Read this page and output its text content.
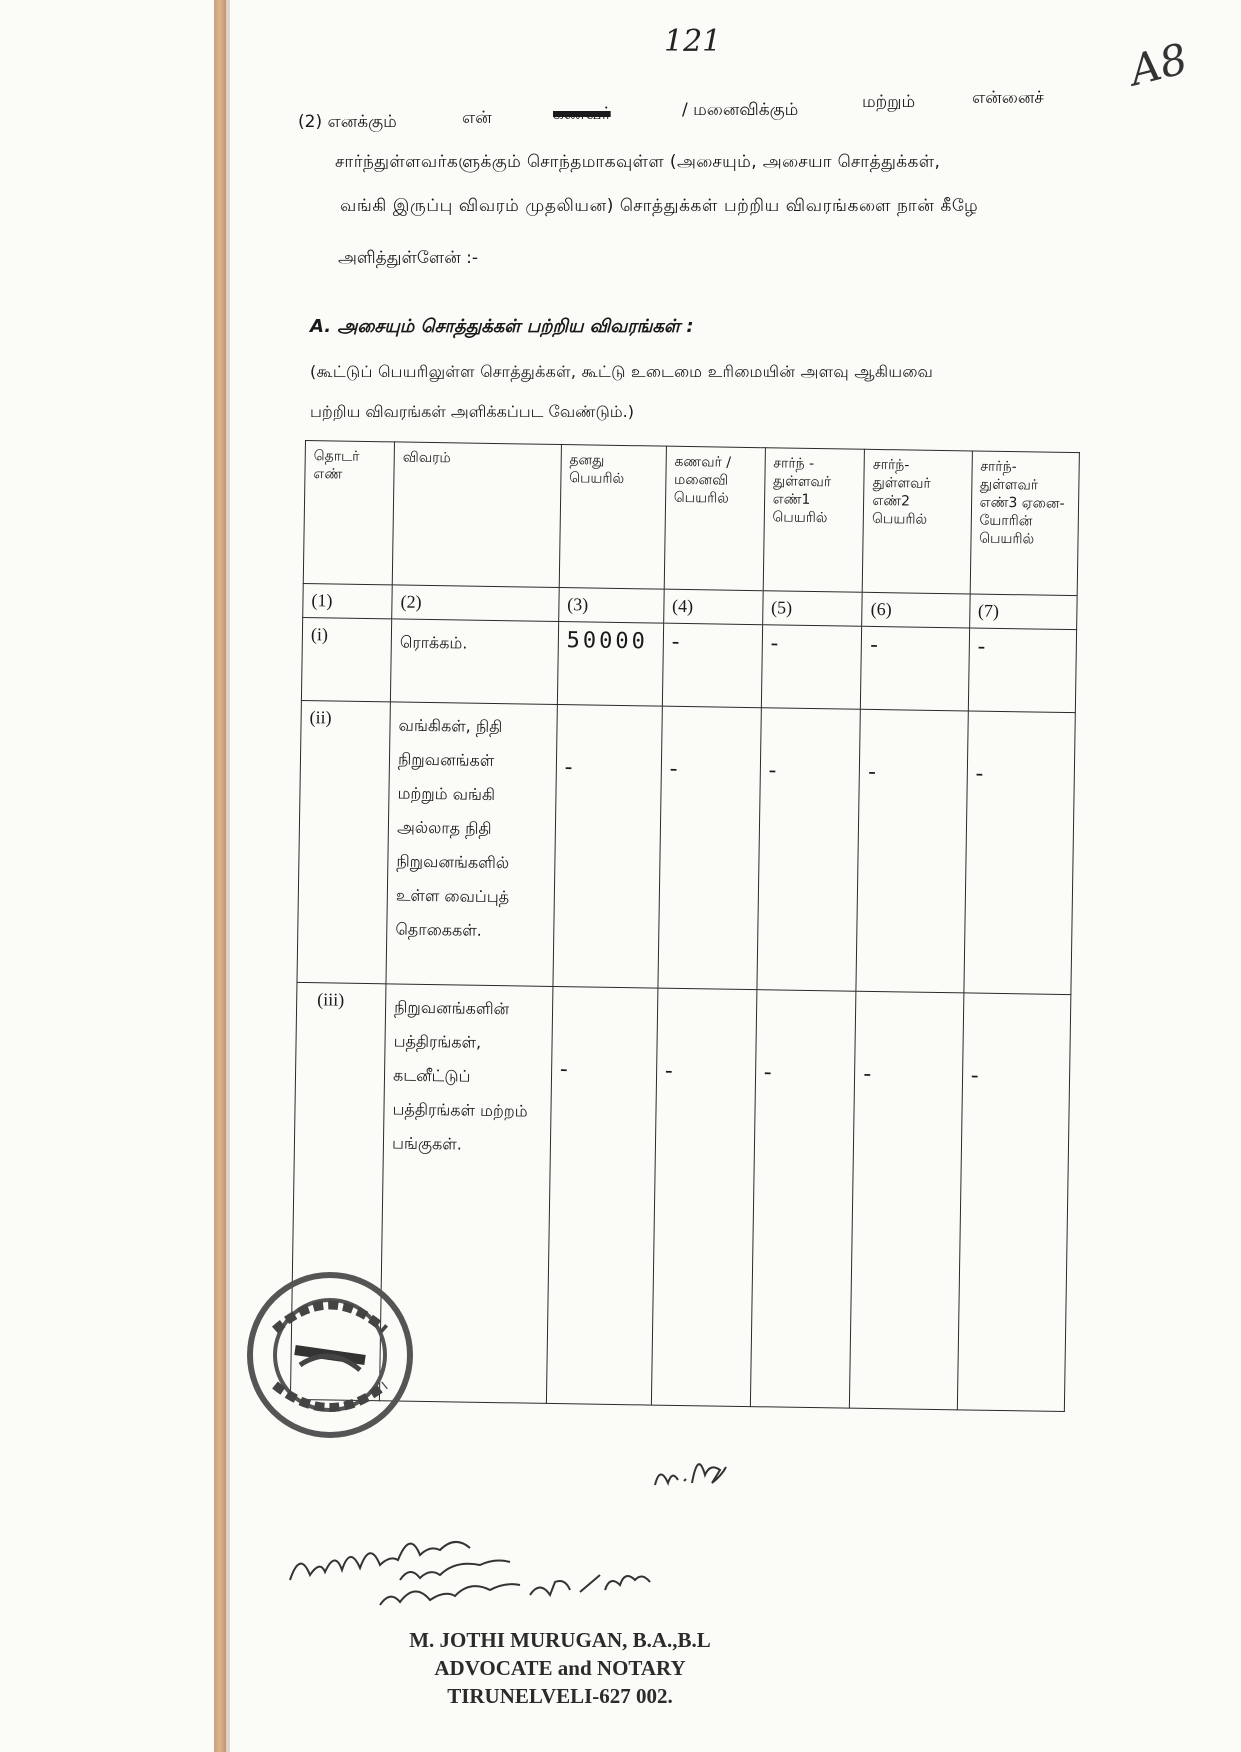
121	A8
(2) எனக்கும்	என்	கணவர்	/ மனைவிக்கும்	மற்றும்	என்னைச்
சார்ந்துள்ளவர்களுக்கும் சொந்தமாகவுள்ள (அசையும், அசையா சொத்துக்கள்,
வங்கி இருப்பு விவரம் முதலியன) சொத்துக்கள் பற்றிய விவரங்களை நான் கீழே
அளித்துள்ளேன் :-
A. அசையும் சொத்துக்கள் பற்றிய விவரங்கள் :
(கூட்டுப் பெயரிலுள்ள சொத்துக்கள், கூட்டு உடைமை உரிமையின் அளவு ஆகியவை
பற்றிய விவரங்கள் அளிக்கப்பட வேண்டும்.)
தொடர் எண்	விவரம்	தனது பெயரில்	கணவர் / மனைவி பெயரில்	சார்ந் - துள்ளவர் எண்1 பெயரில்	சார்ந்- துள்ளவர் எண்2 பெயரில்	சார்ந்- துள்ளவர் எண்3 ஏனை- யோரின் பெயரில்
(1)	(2)	(3)	(4)	(5)	(6)	(7)
(i)	ரொக்கம்.	50000	-	-	-	-
(ii)	வங்கிகள், நிதி நிறுவனங்கள் மற்றும் வங்கி அல்லாத நிதி நிறுவனங்களில் உள்ள வைப்புத் தொகைகள்.	-	-	-	-	-
(iii)	நிறுவனங்களின் பத்திரங்கள், கடனீட்டுப் பத்திரங்கள் மற்றம் பங்குகள்.	-	-	-	-	-
M. JOTHI MURUGAN, B.A.,B.L
ADVOCATE and NOTARY
TIRUNELVELI-627 002.
